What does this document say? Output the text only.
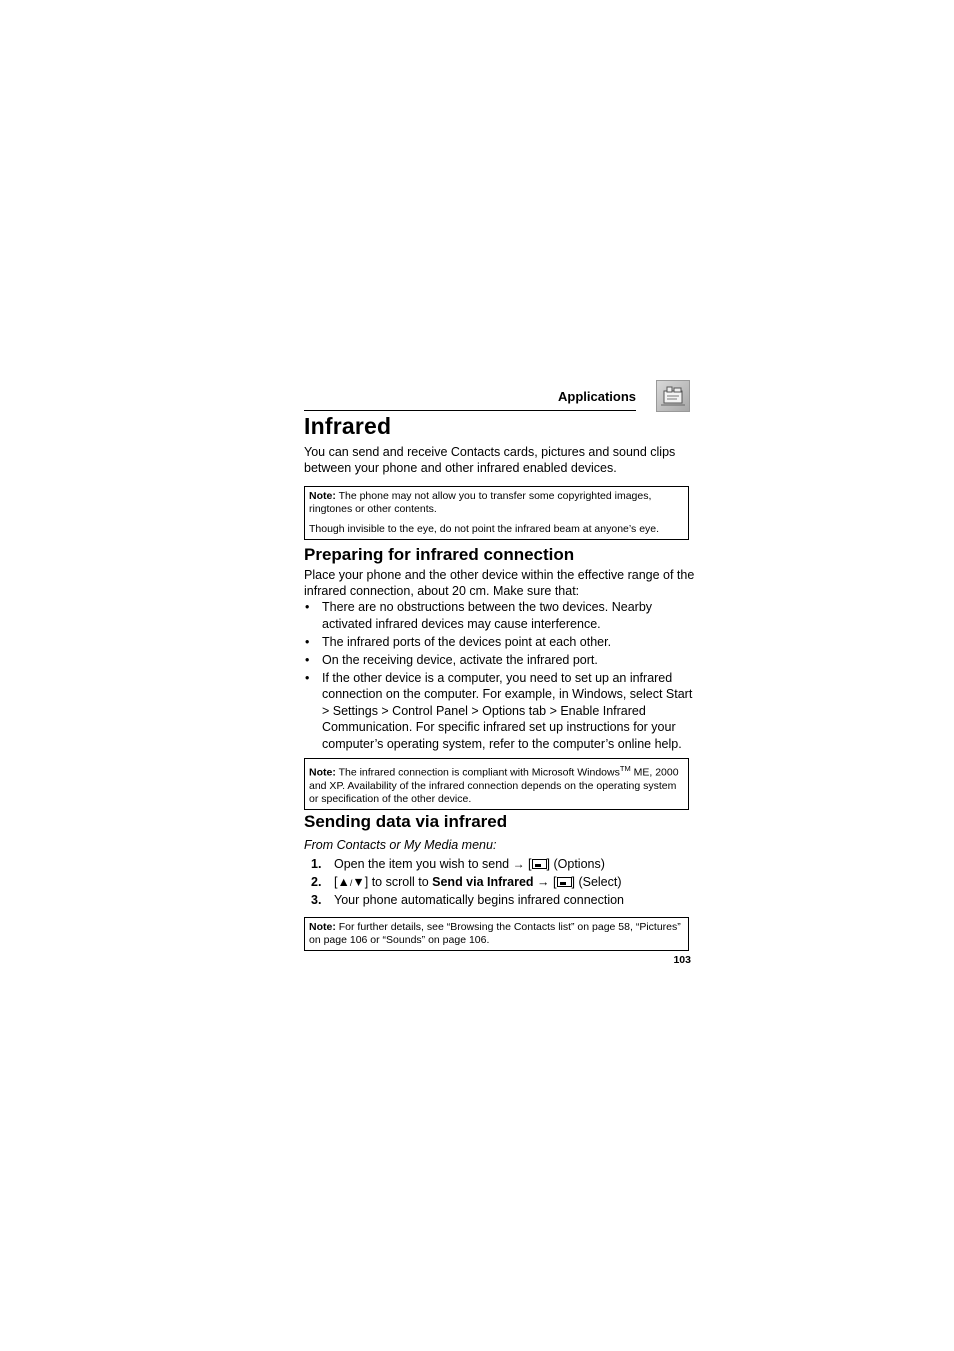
Applications
Infrared

You can send and receive Contacts cards, pictures and sound clips between your phone and other infrared enabled devices.

Note: The phone may not allow you to transfer some copyrighted images, ringtones or other contents.

Though invisible to the eye, do not point the infrared beam at anyone’s eye.

Preparing for infrared connection

Place your phone and the other device within the effective range of the infrared connection, about 20 cm. Make sure that:

• There are no obstructions between the two devices. Nearby activated infrared devices may cause interference.
• The infrared ports of the devices point at each other.
• On the receiving device, activate the infrared port.
• If the other device is a computer, you need to set up an infrared connection on the computer. For example, in Windows, select Start > Settings > Control Panel > Options tab > Enable Infrared Communication. For specific infrared set up instructions for your computer’s operating system, refer to the computer’s online help.

Note: The infrared connection is compliant with Microsoft Windows™ ME, 2000 and XP. Availability of the infrared connection depends on the operating system or specification of the other device.

Sending data via infrared

From Contacts or My Media menu:

1. Open the item you wish to send → [ ] (Options)
2. [▲/▼] to scroll to Send via Infrared → [ ] (Select)
3. Your phone automatically begins infrared connection

Note: For further details, see “Browsing the Contacts list” on page 58, “Pictures” on page 106 or “Sounds” on page 106.

103
